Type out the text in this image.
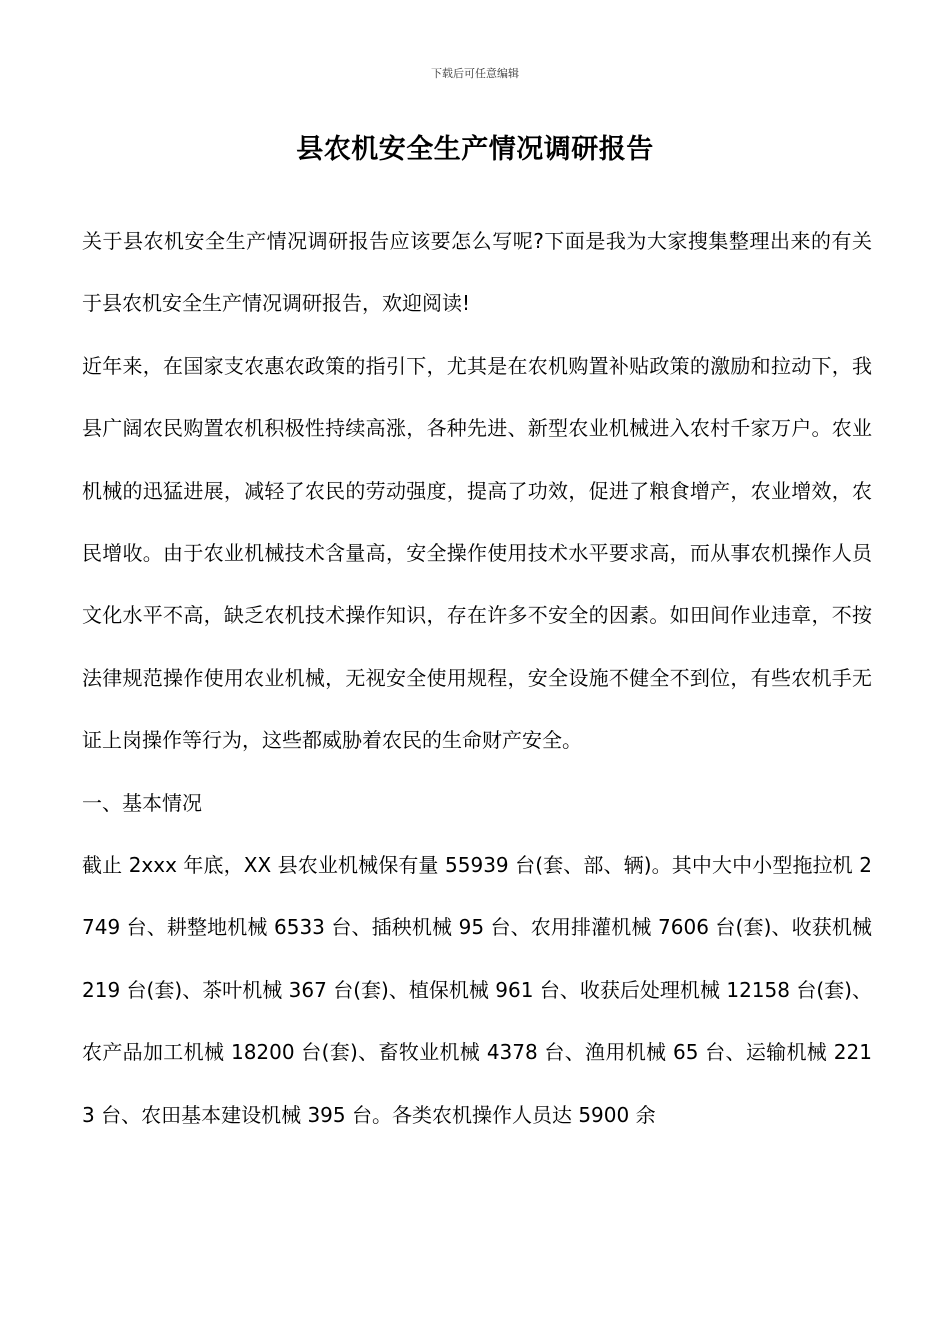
下载后可任意编辑
县农机安全生产情况调研报告

关于县农机安全生产情况调研报告应该要怎么写呢?下面是我为大家搜集整理出来的有关于县农机安全生产情况调研报告，欢迎阅读!

近年来，在国家支农惠农政策的指引下，尤其是在农机购置补贴政策的激励和拉动下，我县广阔农民购置农机积极性持续高涨，各种先进、新型农业机械进入农村千家万户。农业机械的迅猛进展，减轻了农民的劳动强度，提高了功效，促进了粮食增产，农业增效，农民增收。由于农业机械技术含量高，安全操作使用技术水平要求高，而从事农机操作人员文化水平不高，缺乏农机技术操作知识，存在许多不安全的因素。如田间作业违章，不按法律规范操作使用农业机械，无视安全使用规程，安全设施不健全不到位，有些农机手无证上岗操作等行为，这些都威胁着农民的生命财产安全。

一、基本情况

截止 2xxx 年底，XX 县农业机械保有量 55939 台(套、部、辆)。其中大中小型拖拉机 2749 台、耕整地机械 6533 台、插秧机械 95 台、农用排灌机械 7606 台(套)、收获机械 219 台(套)、茶叶机械 367 台(套)、植保机械 961 台、收获后处理机械 12158 台(套)、农产品加工机械 18200 台(套)、畜牧业机械 4378 台、渔用机械 65 台、运输机械 2213 台、农田基本建设机械 395 台。各类农机操作人员达 5900 余
